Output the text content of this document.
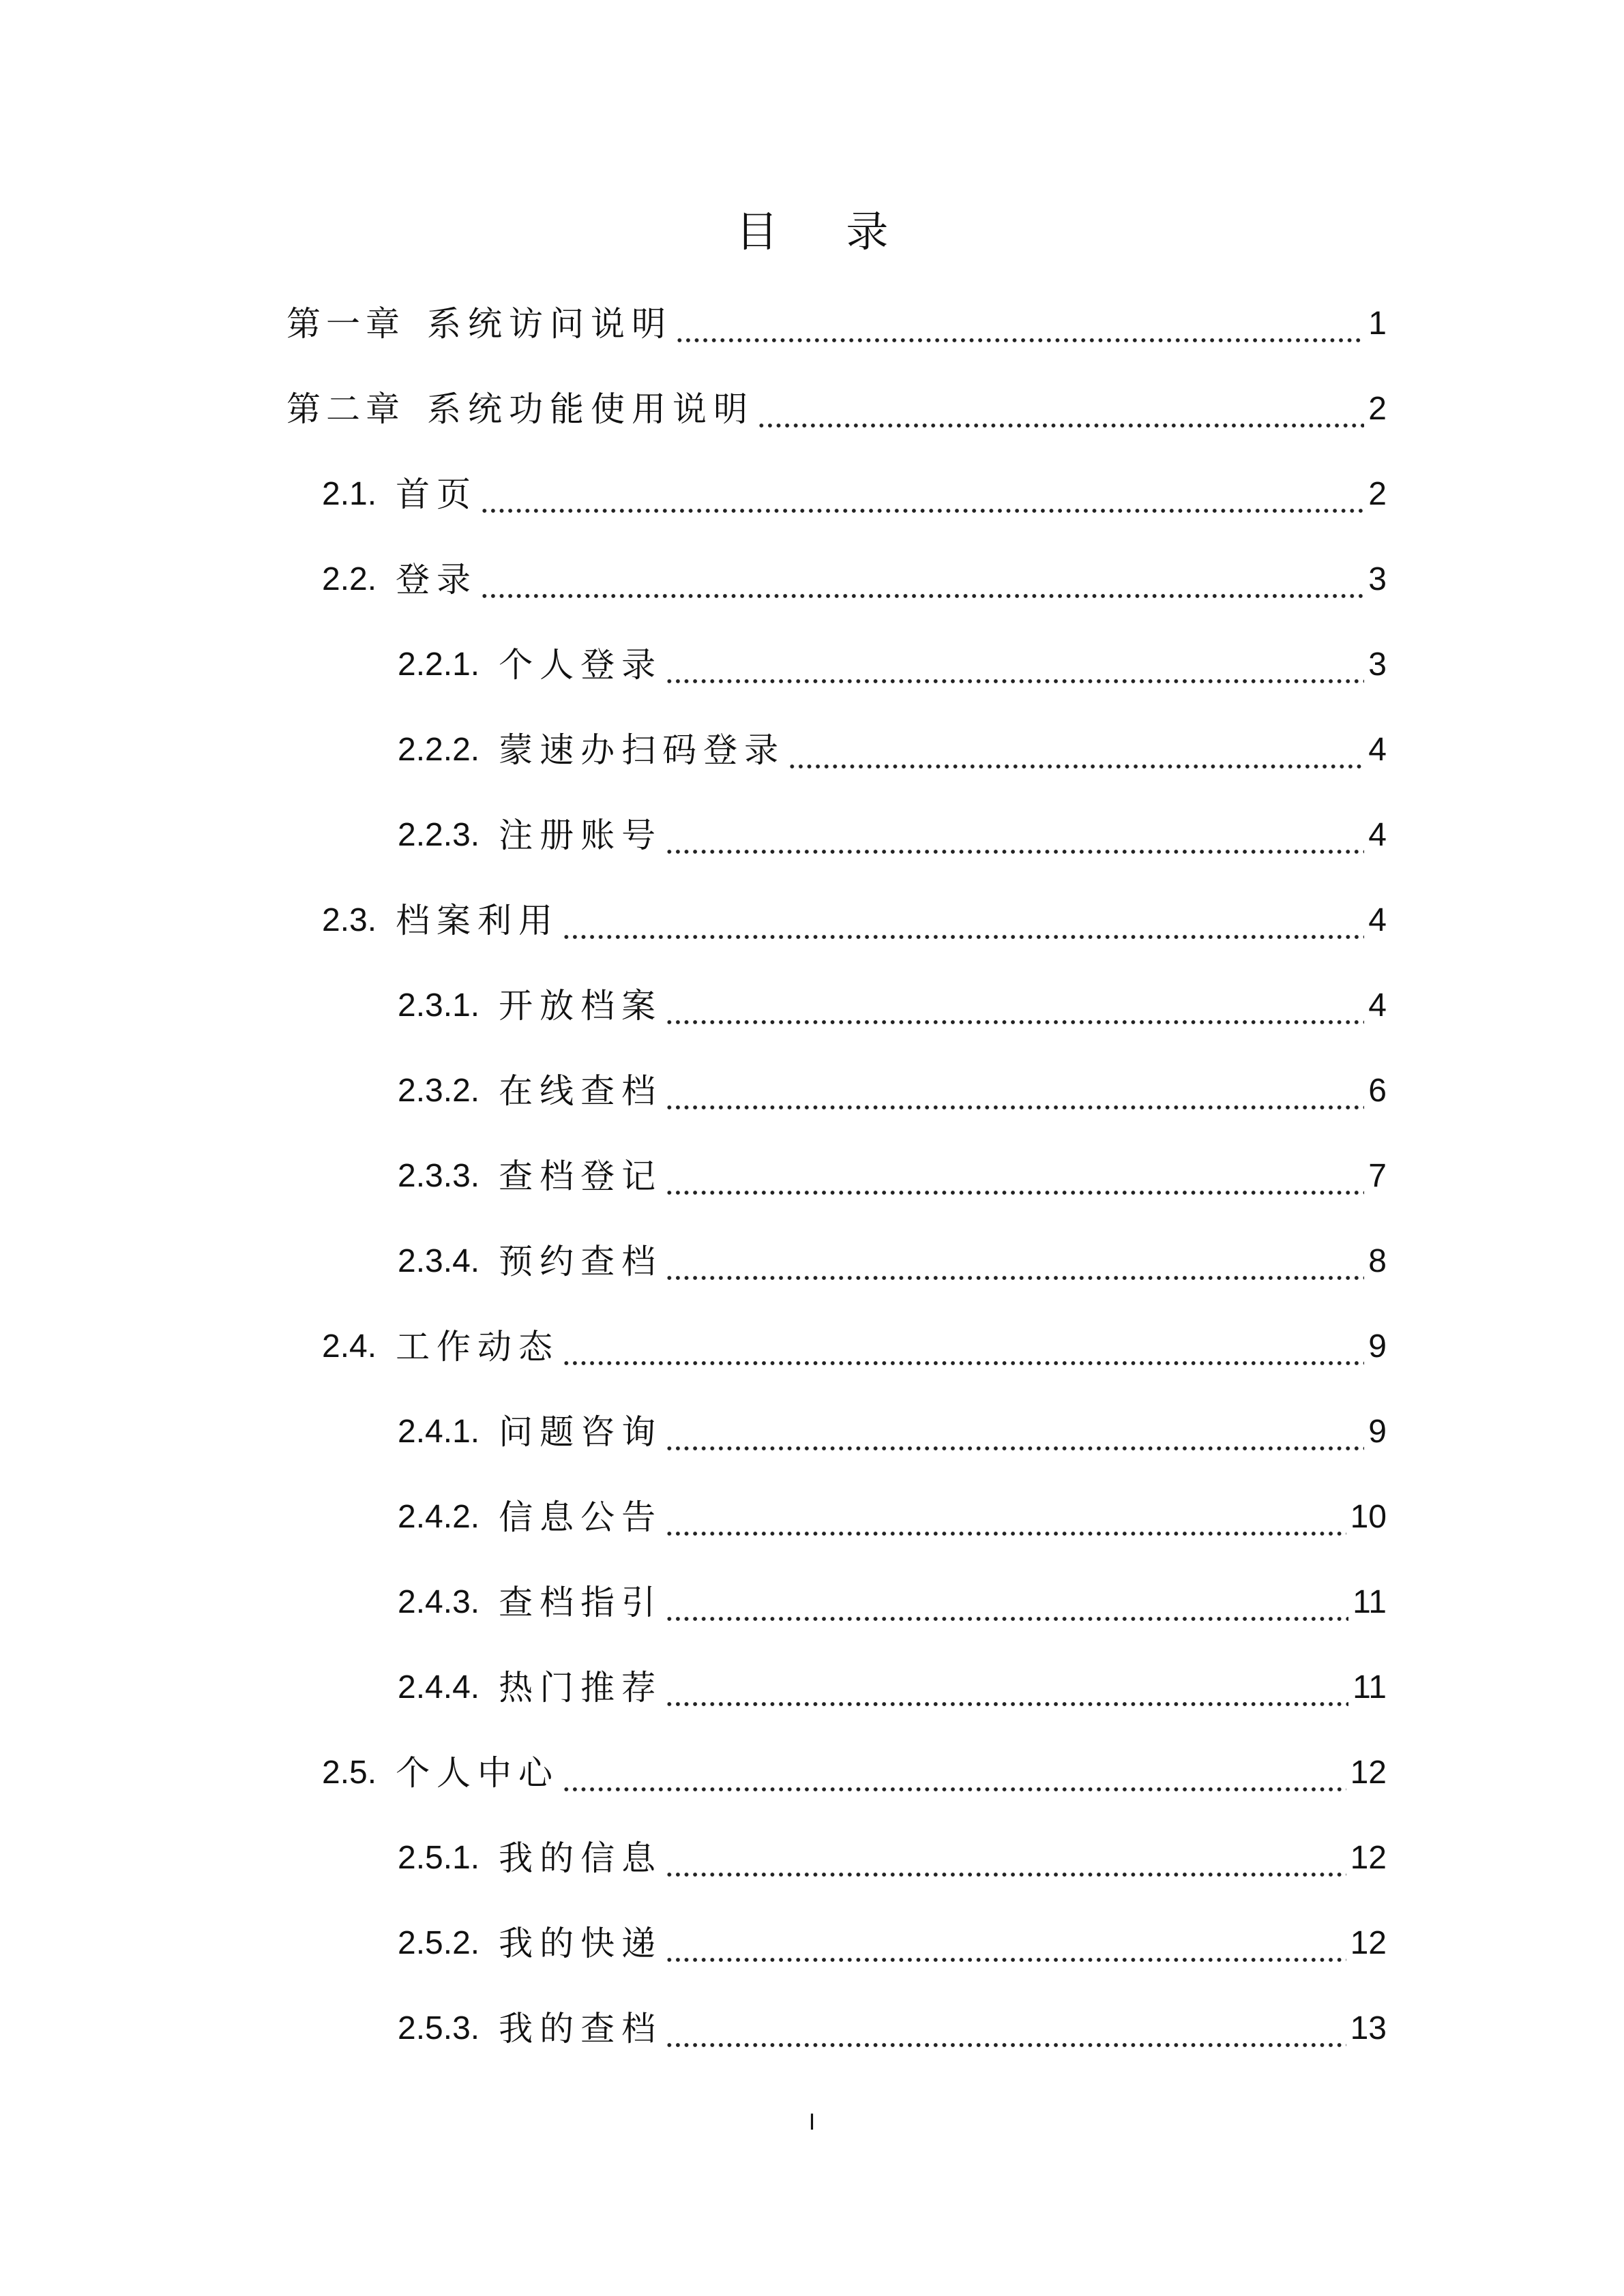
目 录
第一章 系统访问说明	1
第二章 系统功能使用说明	2
2.1. 首页	2
2.2. 登录	3
2.2.1. 个人登录	3
2.2.2. 蒙速办扫码登录	4
2.2.3. 注册账号	4
2.3. 档案利用	4
2.3.1. 开放档案	4
2.3.2. 在线查档	6
2.3.3. 查档登记	7
2.3.4. 预约查档	8
2.4. 工作动态	9
2.4.1. 问题咨询	9
2.4.2. 信息公告	10
2.4.3. 查档指引	11
2.4.4. 热门推荐	11
2.5. 个人中心	12
2.5.1. 我的信息	12
2.5.2. 我的快递	12
2.5.3. 我的查档	13
I
